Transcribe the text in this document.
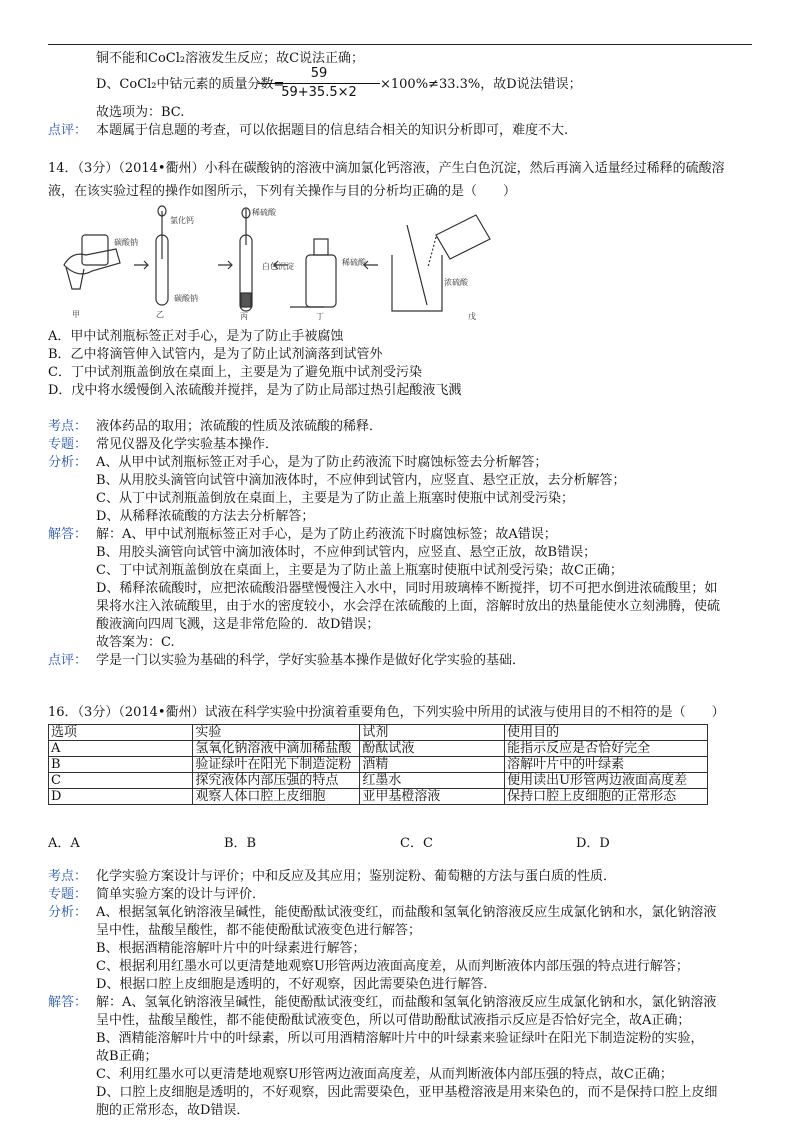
铜不能和CoCl₂溶液发生反应；故C说法正确；
D、CoCl₂中钴元素的质量分数=
59
59+35.5×2
×100%≠33.3%，故D说法错误；
故选项为：BC.
点评： 本题属于信息题的考查，可以依据题目的信息结合相关的知识分析即可，难度不大.
14．（3分）（2014•衢州）小科在碳酸钠的溶液中滴加氯化钙溶液，产生白色沉淀，然后再滴入适量经过稀释的硫酸溶
液，在该实验过程的操作如图所示，下列有关操作与目的分析均正确的是（　　）
碳酸钠
氯化钙
碳酸钠
稀硫酸
白色沉淀	稀硫酸
浓硫酸
甲	乙	丙	丁	戊
A．甲中试剂瓶标签正对手心，是为了防止手被腐蚀
B．乙中将滴管伸入试管内，是为了防止试剂滴落到试管外
C．丁中试剂瓶盖倒放在桌面上，主要是为了避免瓶中试剂受污染
D．戊中将水缓慢倒入浓硫酸并搅拌，是为了防止局部过热引起酸液飞溅
考点： 液体药品的取用；浓硫酸的性质及浓硫酸的稀释．
专题： 常见仪器及化学实验基本操作．
分析： A、从甲中试剂瓶标签正对手心，是为了防止药液流下时腐蚀标签去分析解答；
B、从用胶头滴管向试管中滴加液体时，不应伸到试管内，应竖直、悬空正放，去分析解答；
C、从丁中试剂瓶盖倒放在桌面上，主要是为了防止盖上瓶塞时使瓶中试剂受污染；
D、从稀释浓硫酸的方法去分析解答；
解答： 解：A、甲中试剂瓶标签正对手心，是为了防止药液流下时腐蚀标签；故A错误；
B、用胶头滴管向试管中滴加液体时，不应伸到试管内，应竖直、悬空正放，故B错误；
C、丁中试剂瓶盖倒放在桌面上，主要是为了防止盖上瓶塞时使瓶中试剂受污染；故C正确；
D、稀释浓硫酸时，应把浓硫酸沿器壁慢慢注入水中，同时用玻璃棒不断搅拌，切不可把水倒进浓硫酸里；如
果将水注入浓硫酸里，由于水的密度较小，水会浮在浓硫酸的上面，溶解时放出的热量能使水立刻沸腾，使硫
酸液滴向四周飞溅，这是非常危险的．故D错误；
故答案为：C.
点评： 学是一门以实验为基础的科学，学好实验基本操作是做好化学实验的基础．
16．（3分）（2014•衢州）试液在科学实验中扮演着重要角色，下列实验中所用的试液与使用目的不相符的是（　　）
选项	实验	试剂	使用目的
A	氢氧化钠溶液中滴加稀盐酸	酚酞试液	能指示反应是否恰好完全
B	验证绿叶在阳光下制造淀粉	酒精	溶解叶片中的叶绿素
C	探究液体内部压强的特点	红墨水	便用读出U形管两边液面高度差
D	观察人体口腔上皮细胞	亚甲基橙溶液	保持口腔上皮细胞的正常形态
A．A	B．B	C．C	D．D
考点： 化学实验方案设计与评价；中和反应及其应用；鉴别淀粉、葡萄糖的方法与蛋白质的性质．
专题： 简单实验方案的设计与评价．
分析： A、根据氢氧化钠溶液呈碱性，能使酚酞试液变红，而盐酸和氢氧化钠溶液反应生成氯化钠和水，氯化钠溶液
呈中性，盐酸呈酸性，都不能使酚酞试液变色进行解答；
B、根据酒精能溶解叶片中的叶绿素进行解答；
C、根据利用红墨水可以更清楚地观察U形管两边液面高度差，从而判断液体内部压强的特点进行解答；
D、根据口腔上皮细胞是透明的，不好观察，因此需要染色进行解答．
解答： 解：A、氢氧化钠溶液呈碱性，能使酚酞试液变红，而盐酸和氢氧化钠溶液反应生成氯化钠和水，氯化钠溶液
呈中性，盐酸呈酸性，都不能使酚酞试液变色，所以可借助酚酞试液指示反应是否恰好完全，故A正确；
B、酒精能溶解叶片中的叶绿素，所以可用酒精溶解叶片中的叶绿素来验证绿叶在阳光下制造淀粉的实验，
故B正确；
C、利用红墨水可以更清楚地观察U形管两边液面高度差，从而判断液体内部压强的特点，故C正确；
D、口腔上皮细胞是透明的，不好观察，因此需要染色，亚甲基橙溶液是用来染色的，而不是保持口腔上皮细
胞的正常形态，故D错误．
